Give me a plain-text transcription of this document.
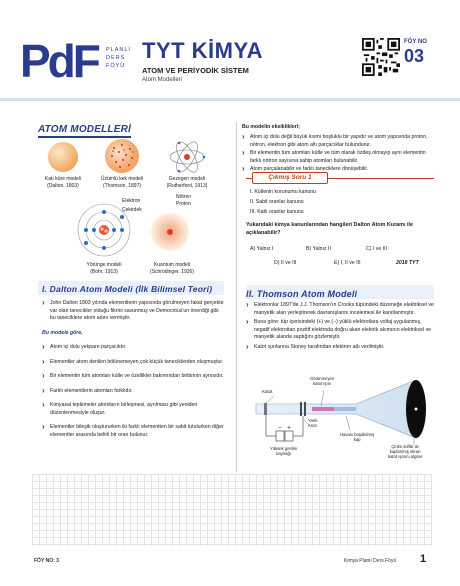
PdF PLANLI
DERS
FÖYÜ
TYT KİMYA
ATOM VE PERİYODİK SİSTEM
Atom Modelleri
FÖY NO
03
ATOM MODELLERİ
Katı küre modeli
(Dalton, 1803)
Üzümlü kek modeli
(Thomson, 1897)
Gezegen modeli
(Rutherford, 1913)
Elektron
Çekirdek
Nötron
Proton
Yörünge modeli
(Bohr, 1913)
Kuantum modeli
(Schrödinger, 1926)
I. Dalton Atom Modeli (İlk Bilimsel Teori)
› John Dalton 1803 yılında elementlerin yapısında görülmeyen fakat gerçekte var olan tanecikler olduğu fikrini savunmuş ve Democritus'un önerdiği gibi bu taneciklere atom adını vermiştir.
Bu modele göre,
› Atom içi dolu yekpare parçacıktır.
› Elementler atom denilen bölünemeyen çok küçük taneciklerden oluşmuştur.
› Bir elementin tüm atomları kütle ve özellikler bakımından birbirinin aynısıdır.
› Farklı elementlerin atomları farklıdır.
› Kimyasal tepkimeler atomların birleşmesi, ayrılması gibi yeniden düzenlenmesiyle oluşur.
› Elementler bileşik oluştururken iki farklı elementten bir sabit tutulurken diğer elementler arasında belirli bir oran bulunur.
Bu modelin eksiklikleri;
› Atom içi dolu değil büyük kısmı boşluklu bir yapıdır ve atom yapısında proton, nötron, elektron gibi atom altı parçacıklar bulundurur.
› Bir elementin tüm atomları kütle ve tüm olarak özdeş olmayıp aynı elementin farklı nötron sayısına sahip atomları bulunabilir.
› Atom parçalanabilir ve farklı taneciklere dönüşebilir.
Çıkmış Soru 1
I. Kütlenin korunumu kanunu
II. Sabit oranlar kanunu
III. Katlı oranlar kanunu
Yukarıdaki kimya kanunlarından hangileri Dalton Atom Kuramı ile açıklanabilir?
A) Yalnız I	B) Yalnız II	C) I ve III
D) II ve III	E) I, II ve III	2018 TYT
II. Thomson Atom Modeli
› Elektronlar 1897'de J.J. Thomson'ın Crooks tüpündeki düzeneğe elektriksel ve manyetik alan yerleştirerek davranışlarını incelemesi ile kanıtlanmıştır.
› Buna göre; tüp içerisindeki (+) ve (−) yüklü elektrotlara voltaj uygulanmış, negatif elektrottan pozitif elektroda doğru akan elektrik akımının elektriksel ve manyetik alanda saptığını gözlemiştir.
› Katot ışınlarına Stoney tarafından elektron adı verilmiştir.
− +
Katot
Görünmeyen
katot ışını
Yarık
Anot
Havası boşaltılmış
kap
Yüksek gerilim
kaynağı
Çinko sülfür ile
kaplanmış ekran
katot ışınını algılar
FÖY NO: 3	Kimya Planlı Ders Föyü 1
